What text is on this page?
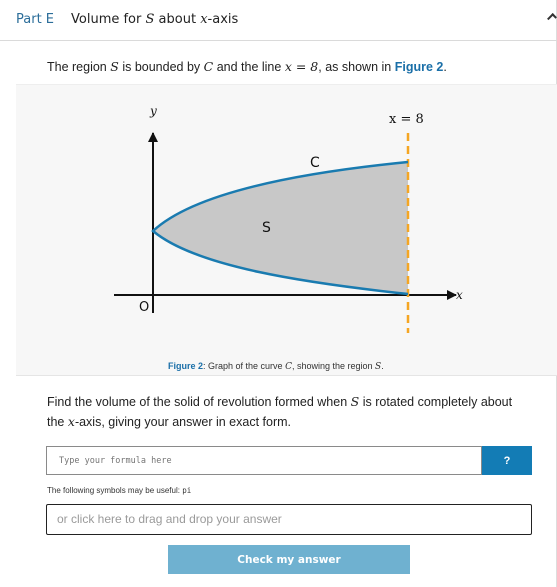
Part E Volume for S about x-axis
The region S is bounded by C and the line x = 8, as shown in Figure 2.
y
x
O
x = 8
C
S
Figure 2: Graph of the curve C, showing the region S.
Find the volume of the solid of revolution formed when S is rotated completely about the x-axis, giving your answer in exact form.
Type your formula here
?
The following symbols may be useful: pi
or click here to drag and drop your answer
Check my answer
